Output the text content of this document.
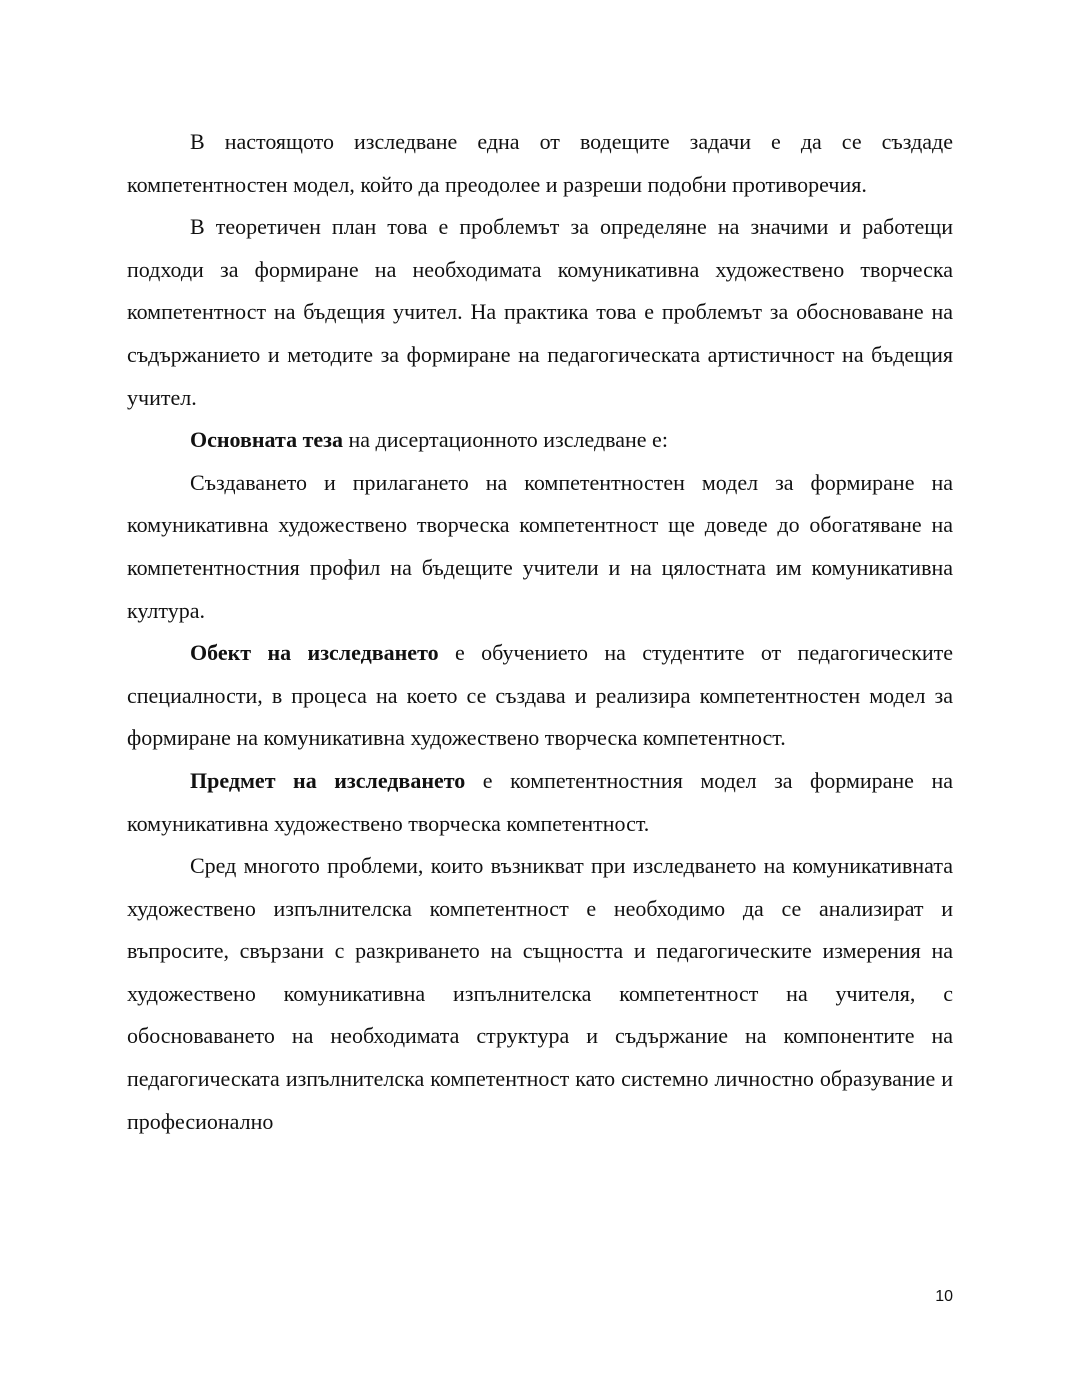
В настоящото изследване една от водещите задачи е да се създаде компетентностен модел, който да преодолее и разреши подобни противоречия.

В теоретичен план това е проблемът за определяне на значими и работещи подходи за формиране на необходимата комуникативна художествено творческа компетентност на бъдещия учител. На практика това е проблемът за обосноваване на съдържанието и методите за формиране на педагогическата артистичност на бъдещия учител.

Основната теза на дисертационното изследване е:

Създаването и прилагането на компетентностен модел за формиране на комуникативна художествено творческа компетентност ще доведе до обогатяване на компетентностния профил на бъдещите учители и на цялостната им комуникативна култура.

Обект на изследването е обучението на студентите от педагогическите специалности, в процеса на което се създава и реализира компетентностен модел за формиране на комуникативна художествено творческа компетентност.

Предмет на изследването е компетентностния модел за формиране на комуникативна художествено творческа компетентност.

Сред многото проблеми, които възникват при изследването на комуникативната художествено изпълнителска компетентност е необходимо да се анализират и въпросите, свързани с разкриването на същността и педагогическите измерения на художествено комуникативна изпълнителска компетентност на учителя, с обосноваването на необходимата структура и съдържание на компонентите на педагогическата изпълнителска компетентност като системно личностно образувание и професионално

10
